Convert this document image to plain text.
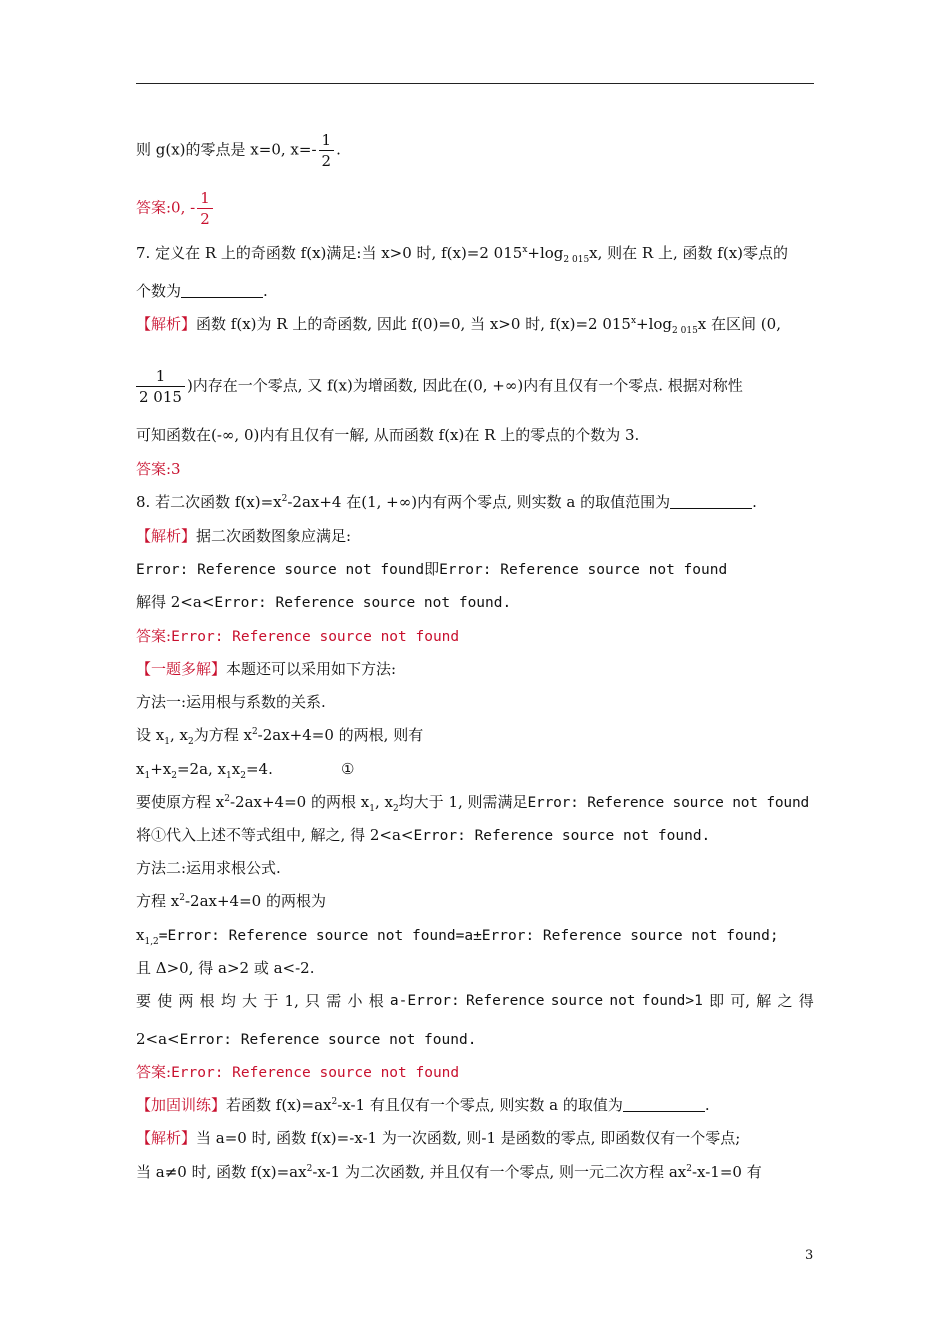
则 g(x)的零点是 x=0, $x=- \frac{1}{2}$ .
答案:0, - $\frac{1}{2}$
7. 定义在 R 上的奇函数 f(x)满足:当 x>0 时, f(x)=2 $015^x+\log_{2 015}x$, 则在 R 上, 函数 f(x)零点的
个数为	.
【解析】函数 f(x)为 R 上的奇函数, 因此 f(0)=0, 当 x>0 时, f(x)=2 $015^x+\log_{2 015}x$ 在区间 (0,
$\frac{1}{2 015}$ )内存在一个零点, 又 f(x)为增函数, 因此在(0, +∞)内有且仅有一个零点. 根据对称性
可知函数在(-∞, 0)内有且仅有一解, 从而函数 f(x)在 R 上的零点的个数为 3.
答案:3
8. 若二次函数 $f(x)=x^2-2ax+4$ 在(1, +∞)内有两个零点, 则实数 a 的取值范围为	.
【解析】据二次函数图象应满足:
Error: Reference source not found即Error: Reference source not found
解得 2<a<Error: Reference source not found.
答案:Error: Reference source not found
【一题多解】本题还可以采用如下方法:
方法一:运用根与系数的关系.
设 $x_1$, $x_2$为方程 $x^2-2ax+4=0$ 的两根, 则有
$x_1+x_2=2a$, $x_1x_2=4$.	①
要使原方程 $x^2-2ax+4=0$ 的两根 $x_1$, $x_2$均大于 1, 则需满足Error: Reference source not found
将①代入上述不等式组中, 解之, 得 2<a<Error: Reference source not found.
方法二:运用求根公式.
方程 $x^2-2ax+4=0$ 的两根为
$x_{1,2}=Error$: Reference source not found=a±Error: Reference source not found;
且 Δ>0, 得 a>2 或 a<-2.
要 使 两 根 均 大 于 1, 只 需 小 根 a-Error: Reference source not found>1 即 可, 解 之 得
2<a<Error: Reference source not found.
答案:Error: Reference source not found
【加固训练】若函数 $f(x)=ax^2-x-1$ 有且仅有一个零点, 则实数 a 的取值为	.
【解析】当 a=0 时, 函数 f(x)=-x-1 为一次函数, 则-1 是函数的零点, 即函数仅有一个零点;
当 a≠0 时, 函数 $f(x)=ax^2-x-1$ 为二次函数, 并且仅有一个零点, 则一元二次方程 $ax^2-x-1=0$ 有
3
